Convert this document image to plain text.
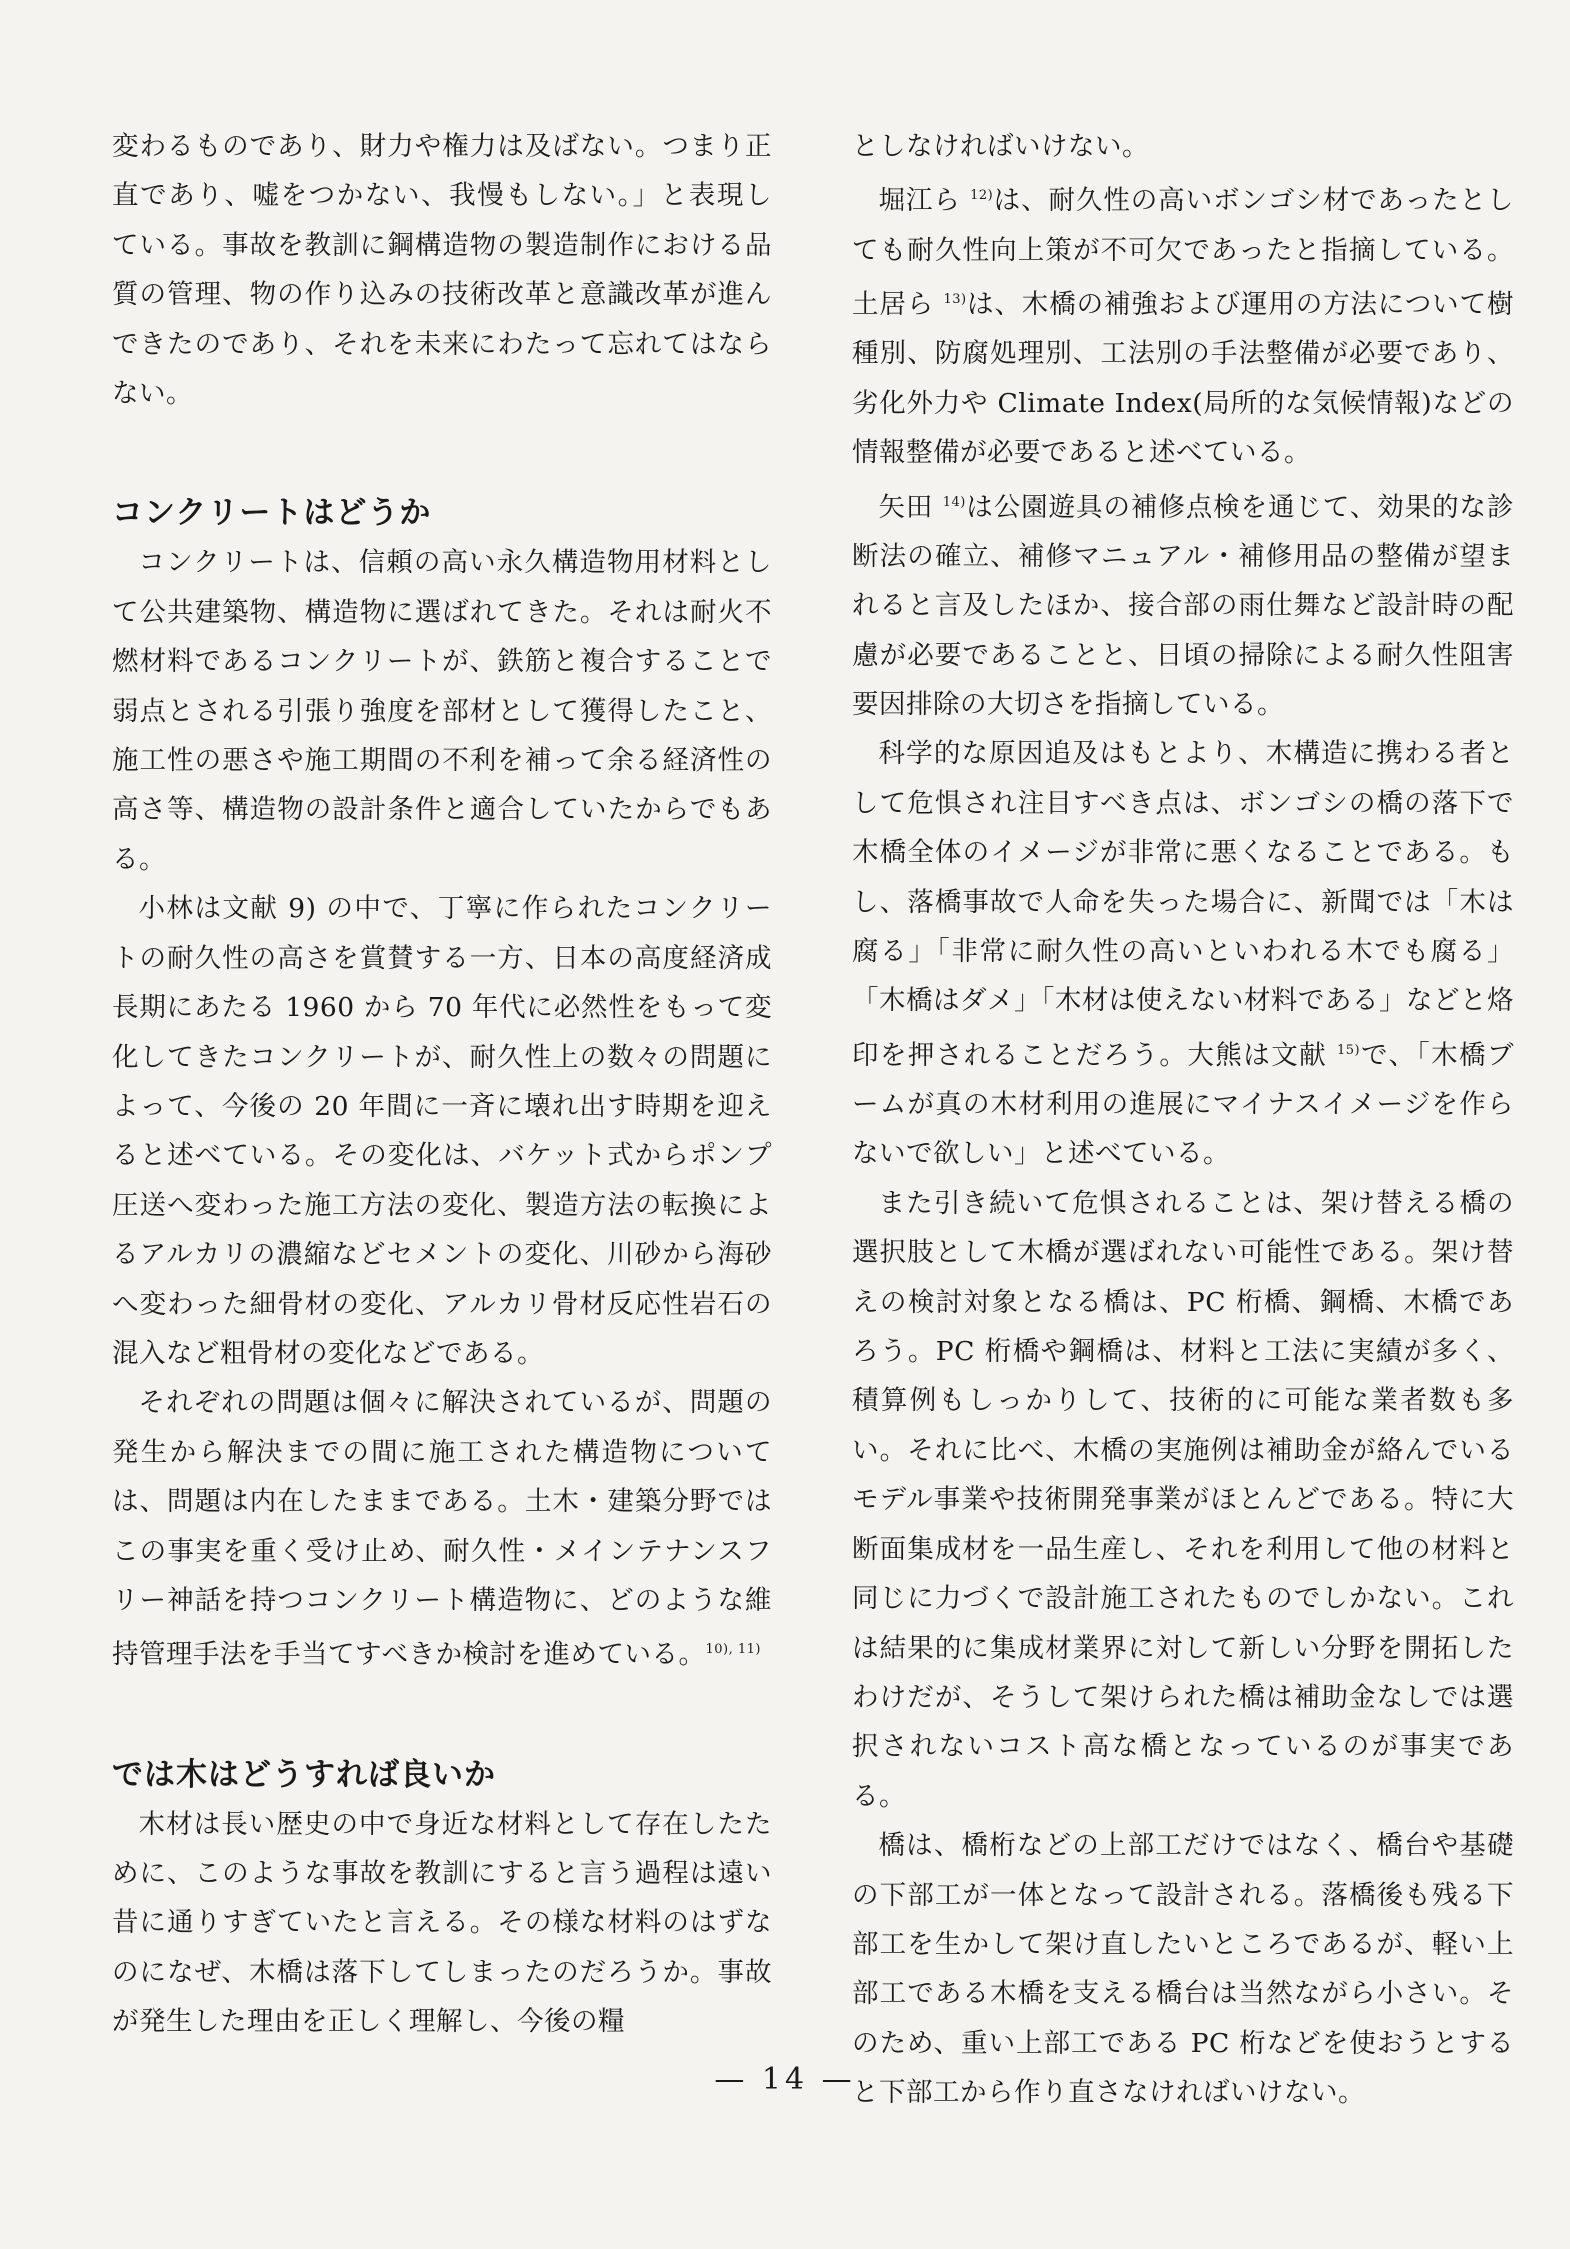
変わるものであり、財力や権力は及ばない。つまり正直であり、嘘をつかない、我慢もしない。」と表現している。事故を教訓に鋼構造物の製造制作における品質の管理、物の作り込みの技術改革と意識改革が進んできたのであり、それを未来にわたって忘れてはならない。

コンクリートはどうか

コンクリートは、信頼の高い永久構造物用材料として公共建築物、構造物に選ばれてきた。それは耐火不燃材料であるコンクリートが、鉄筋と複合することで弱点とされる引張り強度を部材として獲得したこと、施工性の悪さや施工期間の不利を補って余る経済性の高さ等、構造物の設計条件と適合していたからでもある。

小林は文献 9) の中で、丁寧に作られたコンクリートの耐久性の高さを賞賛する一方、日本の高度経済成長期にあたる 1960 から 70 年代に必然性をもって変化してきたコンクリートが、耐久性上の数々の問題によって、今後の 20 年間に一斉に壊れ出す時期を迎えると述べている。その変化は、バケット式からポンプ圧送へ変わった施工方法の変化、製造方法の転換によるアルカリの濃縮などセメントの変化、川砂から海砂へ変わった細骨材の変化、アルカリ骨材反応性岩石の混入など粗骨材の変化などである。

それぞれの問題は個々に解決されているが、問題の発生から解決までの間に施工された構造物については、問題は内在したままである。土木・建築分野ではこの事実を重く受け止め、耐久性・メインテナンスフリー神話を持つコンクリート構造物に、どのような維持管理手法を手当てすべきか検討を進めている。$^{10), 11)}$

では木はどうすれば良いか

木材は長い歴史の中で身近な材料として存在したために、このような事故を教訓にすると言う過程は遠い昔に通りすぎていたと言える。その様な材料のはずなのになぜ、木橋は落下してしまったのだろうか。事故が発生した理由を正しく理解し、今後の糧

としなければいけない。

堀江ら $^{12)}$は、耐久性の高いボンゴシ材であったとしても耐久性向上策が不可欠であったと指摘している。土居ら $^{13)}$は、木橋の補強および運用の方法について樹種別、防腐処理別、工法別の手法整備が必要であり、劣化外力や Climate Index(局所的な気候情報)などの情報整備が必要であると述べている。

矢田 $^{14)}$は公園遊具の補修点検を通じて、効果的な診断法の確立、補修マニュアル・補修用品の整備が望まれると言及したほか、接合部の雨仕舞など設計時の配慮が必要であることと、日頃の掃除による耐久性阻害要因排除の大切さを指摘している。

科学的な原因追及はもとより、木構造に携わる者として危惧され注目すべき点は、ボンゴシの橋の落下で木橋全体のイメージが非常に悪くなることである。もし、落橋事故で人命を失った場合に、新聞では「木は腐る」「非常に耐久性の高いといわれる木でも腐る」「木橋はダメ」「木材は使えない材料である」などと烙印を押されることだろう。大熊は文献 $^{15)}$で、「木橋ブームが真の木材利用の進展にマイナスイメージを作らないで欲しい」と述べている。

また引き続いて危惧されることは、架け替える橋の選択肢として木橋が選ばれない可能性である。架け替えの検討対象となる橋は、PC 桁橋、鋼橋、木橋であろう。PC 桁橋や鋼橋は、材料と工法に実績が多く、積算例もしっかりして、技術的に可能な業者数も多い。それに比べ、木橋の実施例は補助金が絡んでいるモデル事業や技術開発事業がほとんどである。特に大断面集成材を一品生産し、それを利用して他の材料と同じに力づくで設計施工されたものでしかない。これは結果的に集成材業界に対して新しい分野を開拓したわけだが、そうして架けられた橋は補助金なしでは選択されないコスト高な橋となっているのが事実である。

橋は、橋桁などの上部工だけではなく、橋台や基礎の下部工が一体となって設計される。落橋後も残る下部工を生かして架け直したいところであるが、軽い上部工である木橋を支える橋台は当然ながら小さい。そのため、重い上部工である PC 桁などを使おうとすると下部工から作り直さなければいけない。

— 14 —
